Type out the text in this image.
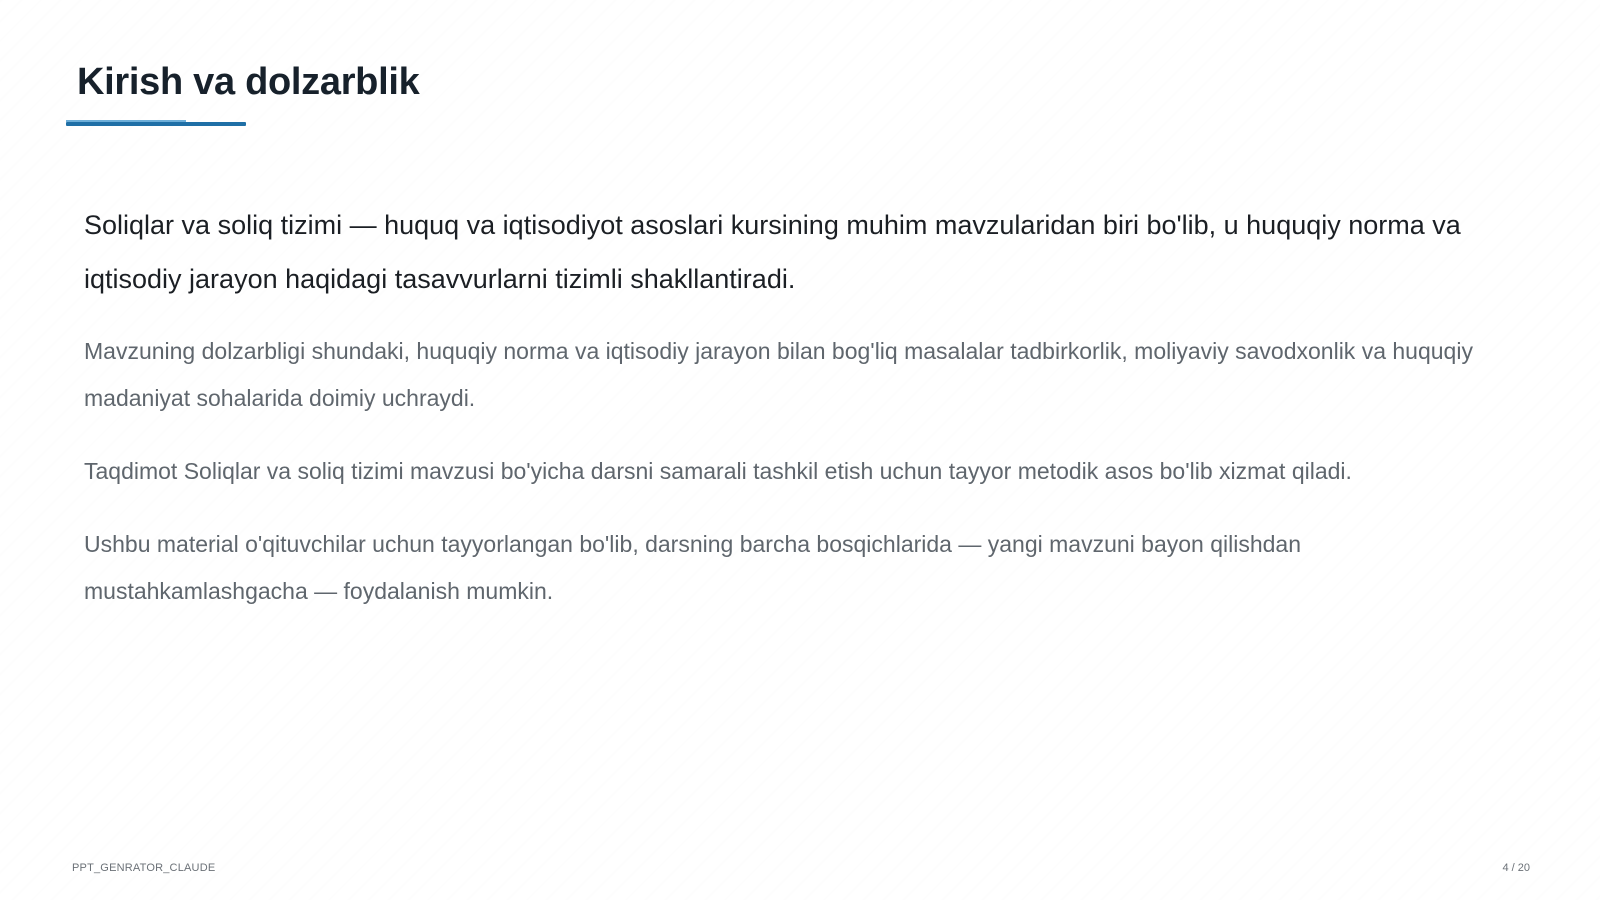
Kirish va dolzarblik

Soliqlar va soliq tizimi — huquq va iqtisodiyot asoslari kursining muhim mavzularidan biri bo'lib, u huquqiy norma va iqtisodiy jarayon haqidagi tasavvurlarni tizimli shakllantiradi.

Mavzuning dolzarbligi shundaki, huquqiy norma va iqtisodiy jarayon bilan bog'liq masalalar tadbirkorlik, moliyaviy savodxonlik va huquqiy madaniyat sohalarida doimiy uchraydi.

Taqdimot Soliqlar va soliq tizimi mavzusi bo'yicha darsni samarali tashkil etish uchun tayyor metodik asos bo'lib xizmat qiladi.

Ushbu material o'qituvchilar uchun tayyorlangan bo'lib, darsning barcha bosqichlarida — yangi mavzuni bayon qilishdan mustahkamlashgacha — foydalanish mumkin.

PPT_GENRATOR_CLAUDE	4 / 20
